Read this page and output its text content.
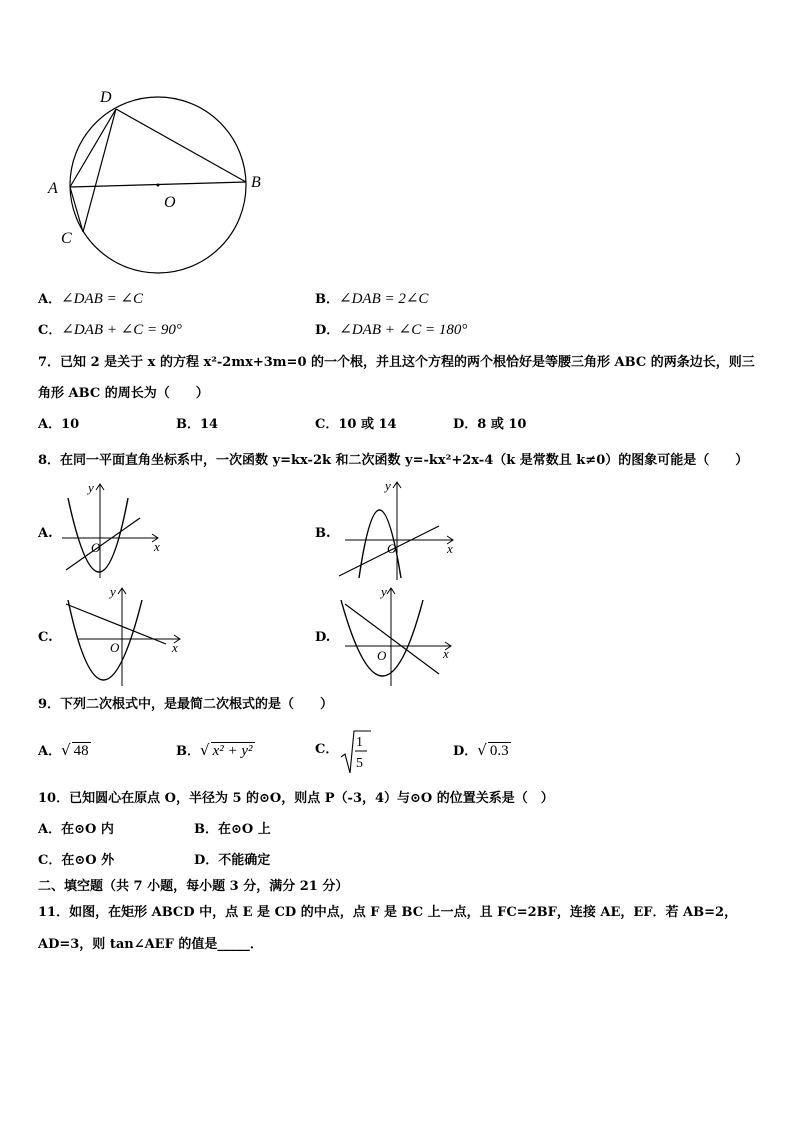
D
A	B
C
O
A．∠DAB = ∠C	B．∠DAB = 2∠C
C．∠DAB + ∠C = 90°	D．∠DAB + ∠C = 180°
7．已知 2 是关于 x 的方程 x²-2mx+3m=0 的一个根，并且这个方程的两个根恰好是等腰三角形 ABC 的两条边长，则三
角形 ABC 的周长为（　　）
A．10	B．14	C．10 或 14	D．8 或 10
8．在同一平面直角坐标系中，一次函数 y=kx-2k 和二次函数 y=-kx²+2x-4（k 是常数且 k≠0）的图象可能是（　　）
A.
x
y
O
B.
x
y
O
C.
x
y
O
D.
x
y
O
9．下列二次根式中，是最简二次根式的是（　　）
A．√ 48	B．√ x² + y²	C． 1
5
D．√ 0.3
10．已知圆心在原点 O，半径为 5 的⊙O，则点 P（-3，4）与⊙O 的位置关系是（　）
A．在⊙O 内	B．在⊙O 上
C．在⊙O 外	D．不能确定
二、填空题（共 7 小题，每小题 3 分，满分 21 分）
11．如图，在矩形 ABCD 中，点 E 是 CD 的中点，点 F 是 BC 上一点，且 FC=2BF，连接 AE，EF．若 AB=2，
AD=3，则 tan∠AEF 的值是_____．
